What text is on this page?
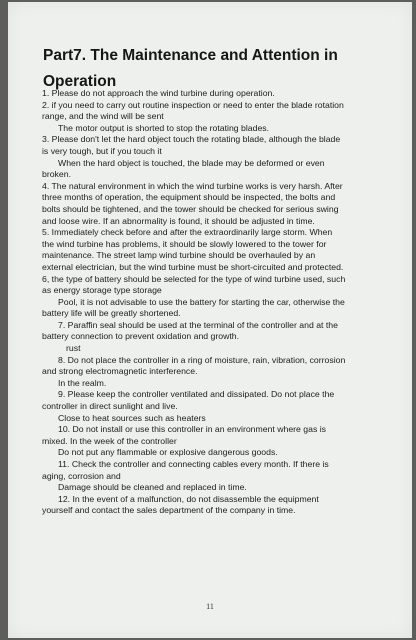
Part7. The Maintenance and Attention in
Operation
1. Please do not approach the wind turbine during operation.
2. if you need to carry out routine inspection or need to enter the blade rotation
range, and the wind will be sent
The motor output is shorted to stop the rotating blades.
3. Please don't let the hard object touch the rotating blade, although the blade
is very tough, but if you touch it
When the hard object is touched, the blade may be deformed or even
broken.
4. The natural environment in which the wind turbine works is very harsh. After
three months of operation, the equipment should be inspected, the bolts and
bolts should be tightened, and the tower should be checked for serious swing
and loose wire. If an abnormality is found, it should be adjusted in time.
5. Immediately check before and after the extraordinarily large storm. When
the wind turbine has problems, it should be slowly lowered to the tower for
maintenance. The street lamp wind turbine should be overhauled by an
external electrician, but the wind turbine must be short-circuited and protected.
6, the type of battery should be selected for the type of wind turbine used, such
as energy storage type storage
Pool, it is not advisable to use the battery for starting the car, otherwise the
battery life will be greatly shortened.
7. Paraffin seal should be used at the terminal of the controller and at the
battery connection to prevent oxidation and growth.
rust
8. Do not place the controller in a ring of moisture, rain, vibration, corrosion
and strong electromagnetic interference.
In the realm.
9. Please keep the controller ventilated and dissipated. Do not place the
controller in direct sunlight and live.
Close to heat sources such as heaters
10. Do not install or use this controller in an environment where gas is
mixed. In the week of the controller
Do not put any flammable or explosive dangerous goods.
11. Check the controller and connecting cables every month. If there is
aging, corrosion and
Damage should be cleaned and replaced in time.
12. In the event of a malfunction, do not disassemble the equipment
yourself and contact the sales department of the company in time.
11
